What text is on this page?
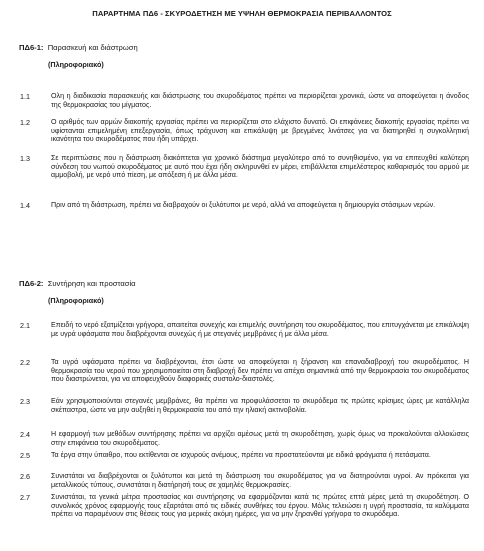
ΠΑΡΑΡΤΗΜΑ ΠΔ6 - ΣΚΥΡΟΔΕΤΗΣΗ ΜΕ ΥΨΗΛΗ ΘΕΡΜΟΚΡΑΣΙΑ ΠΕΡΙΒΑΛΛΟΝΤΟΣ
ΠΔ6-1: Παρασκευή και διάστρωση
(Πληροφοριακό)
1.1	Ολη η διαδικασία παρασκευής και διάστρωσης του σκυροδέματος πρέπει να περιορίζεται χρονικά, ώστε να αποφεύγεται η άνοδος της θερμοκρασίας του μίγματος.
1.2	Ο αριθμός των αρμών διακοπής εργασίας πρέπει να περιορίζεται στο ελάχιστο δυνατό. Οι επιφάνειες διακοπής εργασίας πρέπει να υφίστανται επιμελημένη επεξεργασία, όπως τράχυνση και επικάλυψη με βρεγμένες λινάτσες για να διατηρηθεί η συγκολλητική ικανότητα του σκυροδέματος που ήδη υπάρχει.
1.3	Σε περιπτώσεις που η διάστρωση διακόπτεται για χρονικό διάστημα μεγαλύτερο από το συνηθισμένο, για να επιτευχθεί καλύτερη σύνδεση του νωπού σκυροδέματος με αυτό που έχει ήδη σκληρυνθεί εν μέρει, επιβάλλεται επιμελέστερος καθαρισμός του αρμού με αμμοβολή, με νερό υπό πίεση, με απόξεση ή με άλλα μέσα.
1.4	Πριν από τη διάστρωση, πρέπει να διαβραχούν οι ξυλότυποι με νερό, αλλά να αποφεύγεται η δημιουργία στάσιμων νερών.
ΠΔ6-2: Συντήρηση και προστασία
(Πληροφοριακό)
2.1	Επειδή το νερό εξατμίζεται γρήγορα, απαιτείται συνεχής και επιμελής συντήρηση του σκυροδέματος, που επιτυγχάνεται με επικάλυψη με υγρά υφάσματα που διαβρέχονται συνεχώς ή με στεγανές μεμβράνες ή με άλλα μέσα.
2.2	Τα υγρά υφάσματα πρέπει να διαβρέχονται, έτσι ώστε να αποφεύγεται η ξήρανση και επαναδιαβροχή του σκυροδέματος. Η θερμοκρασία του νερού που χρησιμοποιείται στη διαβροχή δεν πρέπει να απέχει σημαντικά από την θερμοκρασία του σκυροδέματος που διαστρώνεται, για να αποφευχθούν διαφορικές συστολο-διαστολές.
2.3	Εάν χρησιμοποιούνται στεγανές μεμβράνες, θα πρέπει να προφυλάσσεται το σκυρόδεμα τις πρώτες κρίσιμες ώρες με κατάλληλα σκέπαστρα, ώστε να μην αυξηθεί η θερμοκρασία του από την ηλιακή ακτινοβολία.
2.4	Η εφαρμογή των μεθόδων συντήρησης πρέπει να αρχίζει αμέσως μετά τη σκυροδέτηση, χωρίς όμως να προκαλούνται αλλοιώσεις στην επιφάνεια του σκυροδέματος.
2.5	Τα έργα στην ύπαιθρο, που εκτίθενται σε ισχυρούς ανέμους, πρέπει να προστατεύονται με ειδικά φράγματα ή πετάσματα.
2.6	Συνιστάται να διαβρέχονται οι ξυλότυποι και μετά τη διάστρωση του σκυροδέματος για να διατηρούνται υγροί. Αν πρόκειται για μεταλλικούς τύπους, συνιστάται η διατήρησή τους σε χαμηλές θερμοκρασίες.
2.7	Συνιστάται, τα γενικά μέτρα προστασίας και συντήρησης να εφαρμόζονται κατά τις πρώτες επτά μέρες μετά τη σκυροδέτηση. Ο συνολικός χρόνος εφαρμογής τους εξαρτάται από τις ειδικές συνθήκες του έργου. Μόλις τελειώσει η υγρή προστασία, τα καλύμματα πρέπει να παραμένουν στις θέσεις τους για μερικές ακόμη ημέρες, για να μην ξηρανθεί γρήγορα το σκυρόδεμα.
